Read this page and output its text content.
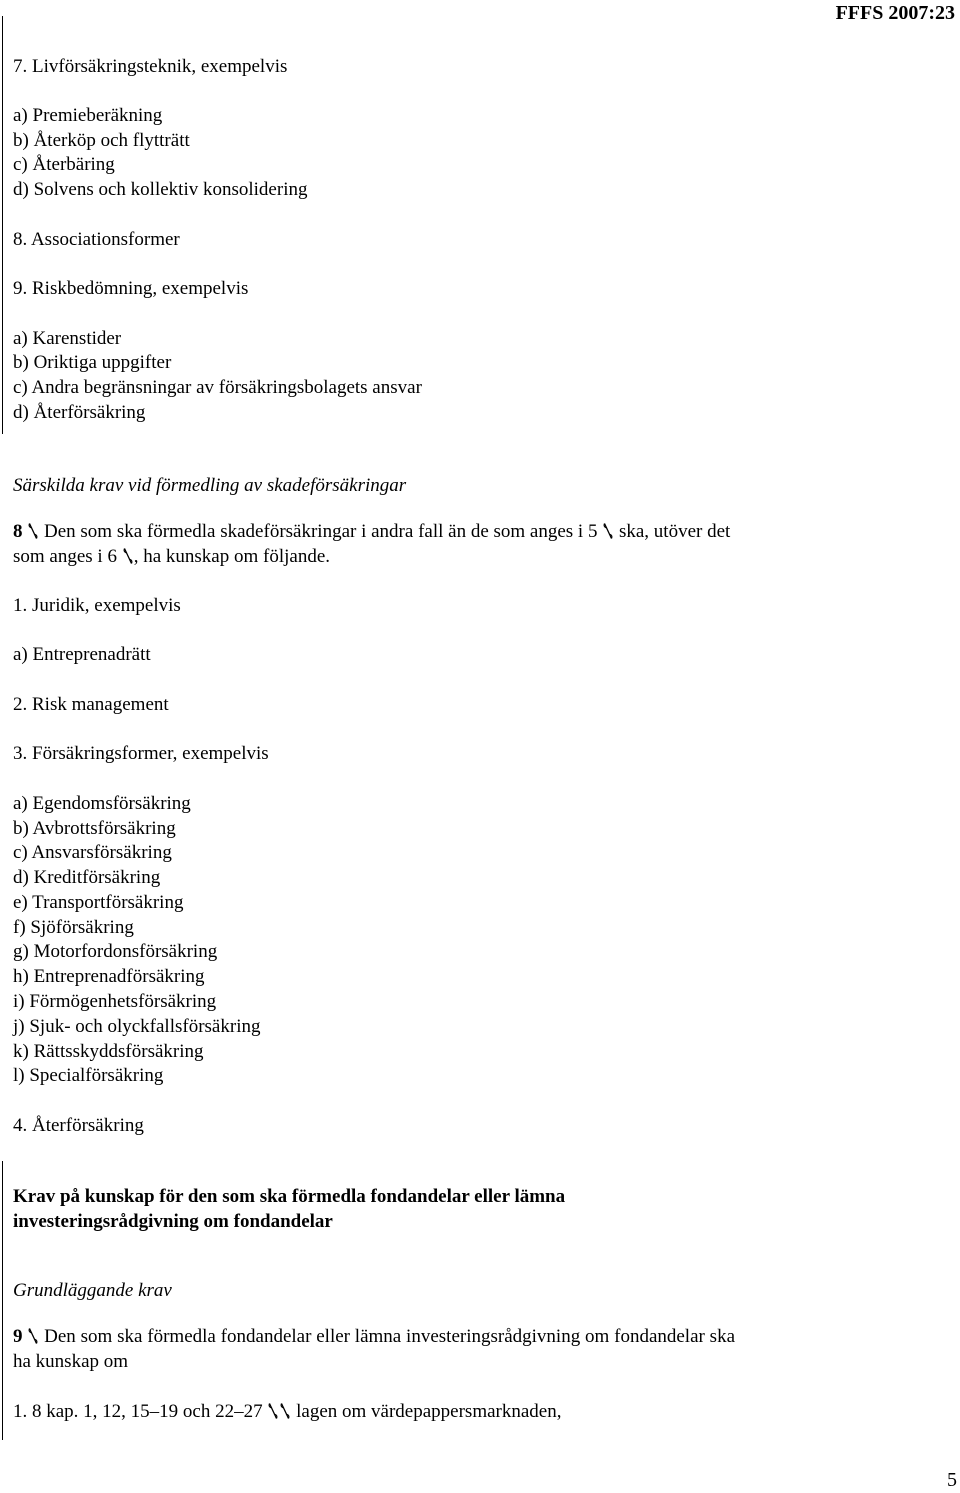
FFFS 2007:23
7. Livförsäkringsteknik, exempelvis
a) Premieberäkning
b) Återköp och flytträtt
c) Återbäring
d) Solvens och kollektiv konsolidering
8. Associationsformer
9. Riskbedömning, exempelvis
a) Karenstider
b) Oriktiga uppgifter
c) Andra begränsningar av försäkringsbolagets ansvar
d) Återförsäkring
Särskilda krav vid förmedling av skadeförsäkringar
8 Den som ska förmedla skadeförsäkringar i andra fall än de som anges i 5 ska, utöver det som anges i 6 , ha kunskap om följande.
1. Juridik, exempelvis
a) Entreprenadrätt
2. Risk management
3. Försäkringsformer, exempelvis
a) Egendomsförsäkring
b) Avbrottsförsäkring
c) Ansvarsförsäkring
d) Kreditförsäkring
e) Transportförsäkring
f) Sjöförsäkring
g) Motorfordonsförsäkring
h) Entreprenadförsäkring
i) Förmögenhetsförsäkring
j) Sjuk- och olyckfallsförsäkring
k) Rättsskyddsförsäkring
l) Specialförsäkring
4. Återförsäkring
Krav på kunskap för den som ska förmedla fondandelar eller lämna investeringsrådgivning om fondandelar
Grundläggande krav
9 Den som ska förmedla fondandelar eller lämna investeringsrådgivning om fondandelar ska ha kunskap om
1. 8 kap. 1, 12, 15–19 och 22–27 lagen om värdepappersmarknaden,
5
